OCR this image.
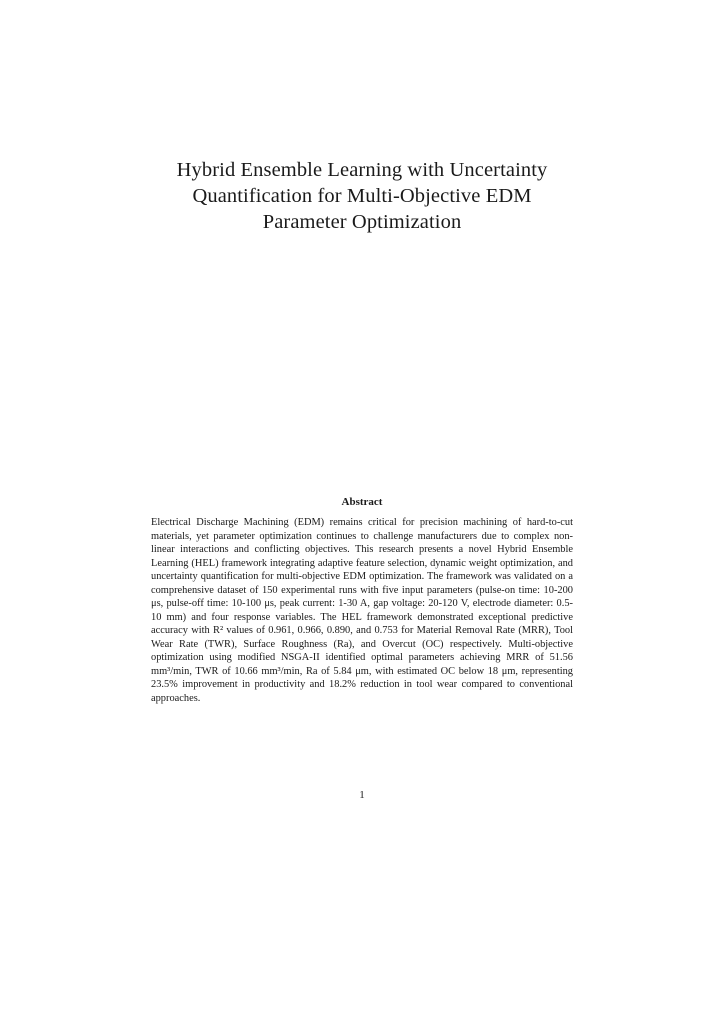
Hybrid Ensemble Learning with Uncertainty
Quantification for Multi-Objective EDM
Parameter Optimization
Abstract

Electrical Discharge Machining (EDM) remains critical for precision machining of hard-to-cut materials, yet parameter optimization continues to challenge manufacturers due to complex non-linear interactions and conflicting objectives. This research presents a novel Hybrid Ensemble Learning (HEL) framework integrating adaptive feature selection, dynamic weight optimization, and uncertainty quantification for multi-objective EDM optimization. The framework was validated on a comprehensive dataset of 150 experimental runs with five input parameters (pulse-on time: 10-200 μs, pulse-off time: 10-100 μs, peak current: 1-30 A, gap voltage: 20-120 V, electrode diameter: 0.5-10 mm) and four response variables. The HEL framework demonstrated exceptional predictive accuracy with R² values of 0.961, 0.966, 0.890, and 0.753 for Material Removal Rate (MRR), Tool Wear Rate (TWR), Surface Roughness (Ra), and Overcut (OC) respectively. Multi-objective optimization using modified NSGA-II identified optimal parameters achieving MRR of 51.56 mm³/min, TWR of 10.66 mm³/min, Ra of 5.84 μm, with estimated OC below 18 μm, representing 23.5% improvement in productivity and 18.2% reduction in tool wear compared to conventional approaches.

1
